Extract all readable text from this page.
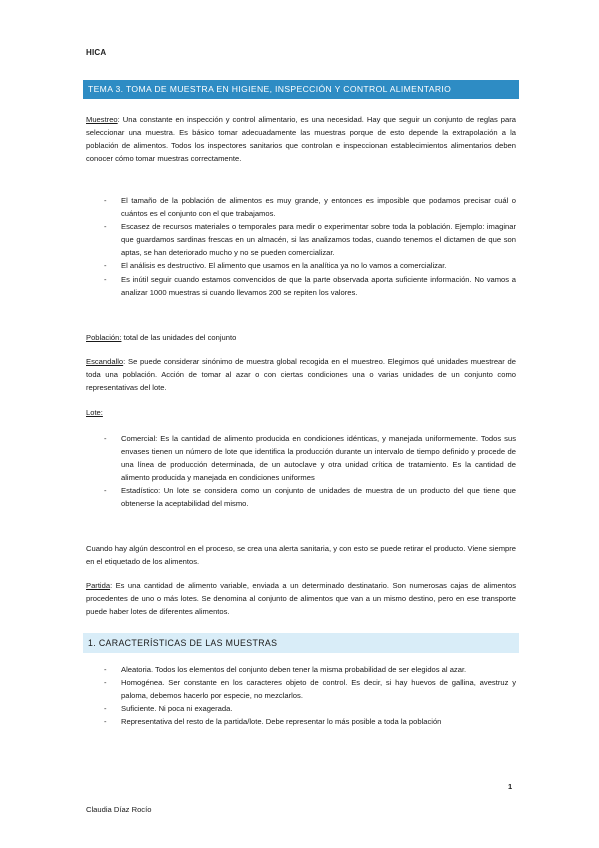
HICA
TEMA 3. TOMA DE MUESTRA EN HIGIENE, INSPECCIÓN Y CONTROL ALIMENTARIO

Muestreo: Una constante en inspección y control alimentario, es una necesidad. Hay que seguir un conjunto de reglas para seleccionar una muestra. Es básico tomar adecuadamente las muestras porque de esto depende la extrapolación a la población de alimentos. Todos los inspectores sanitarios que controlan e inspeccionan establecimientos alimentarios deben conocer cómo tomar muestras correctamente.

- El tamaño de la población de alimentos es muy grande, y entonces es imposible que podamos precisar cuál o cuántos es el conjunto con el que trabajamos.
- Escasez de recursos materiales o temporales para medir o experimentar sobre toda la población. Ejemplo: imaginar que guardamos sardinas frescas en un almacén, si las analizamos todas, cuando tenemos el dictamen de que son aptas, se han deteriorado mucho y no se pueden comercializar.
- El análisis es destructivo. El alimento que usamos en la analítica ya no lo vamos a comercializar.
- Es inútil seguir cuando estamos convencidos de que la parte observada aporta suficiente información. No vamos a analizar 1000 muestras si cuando llevamos 200 se repiten los valores.

Población: total de las unidades del conjunto

Escandallo: Se puede considerar sinónimo de muestra global recogida en el muestreo. Elegimos qué unidades muestrear de toda una población. Acción de tomar al azar o con ciertas condiciones una o varias unidades de un conjunto como representativas del lote.

Lote:

- Comercial: Es la cantidad de alimento producida en condiciones idénticas, y manejada uniformemente. Todos sus envases tienen un número de lote que identifica la producción durante un intervalo de tiempo definido y procede de una línea de producción determinada, de un autoclave y otra unidad crítica de tratamiento. Es la cantidad de alimento producida y manejada en condiciones uniformes
- Estadístico: Un lote se considera como un conjunto de unidades de muestra de un producto del que tiene que obtenerse la aceptabilidad del mismo.

Cuando hay algún descontrol en el proceso, se crea una alerta sanitaria, y con esto se puede retirar el producto. Viene siempre en el etiquetado de los alimentos.

Partida: Es una cantidad de alimento variable, enviada a un determinado destinatario. Son numerosas cajas de alimentos procedentes de uno o más lotes. Se denomina al conjunto de alimentos que van a un mismo destino, pero en ese transporte puede haber lotes de diferentes alimentos.

1. CARACTERÍSTICAS DE LAS MUESTRAS
- Aleatoria. Todos los elementos del conjunto deben tener la misma probabilidad de ser elegidos al azar.
- Homogénea. Ser constante en los caracteres objeto de control. Es decir, si hay huevos de gallina, avestruz y paloma, debemos hacerlo por especie, no mezclarlos.
- Suficiente. Ni poca ni exagerada.
- Representativa del resto de la partida/lote. Debe representar lo más posible a toda la población
1
Claudia Díaz Rocío
